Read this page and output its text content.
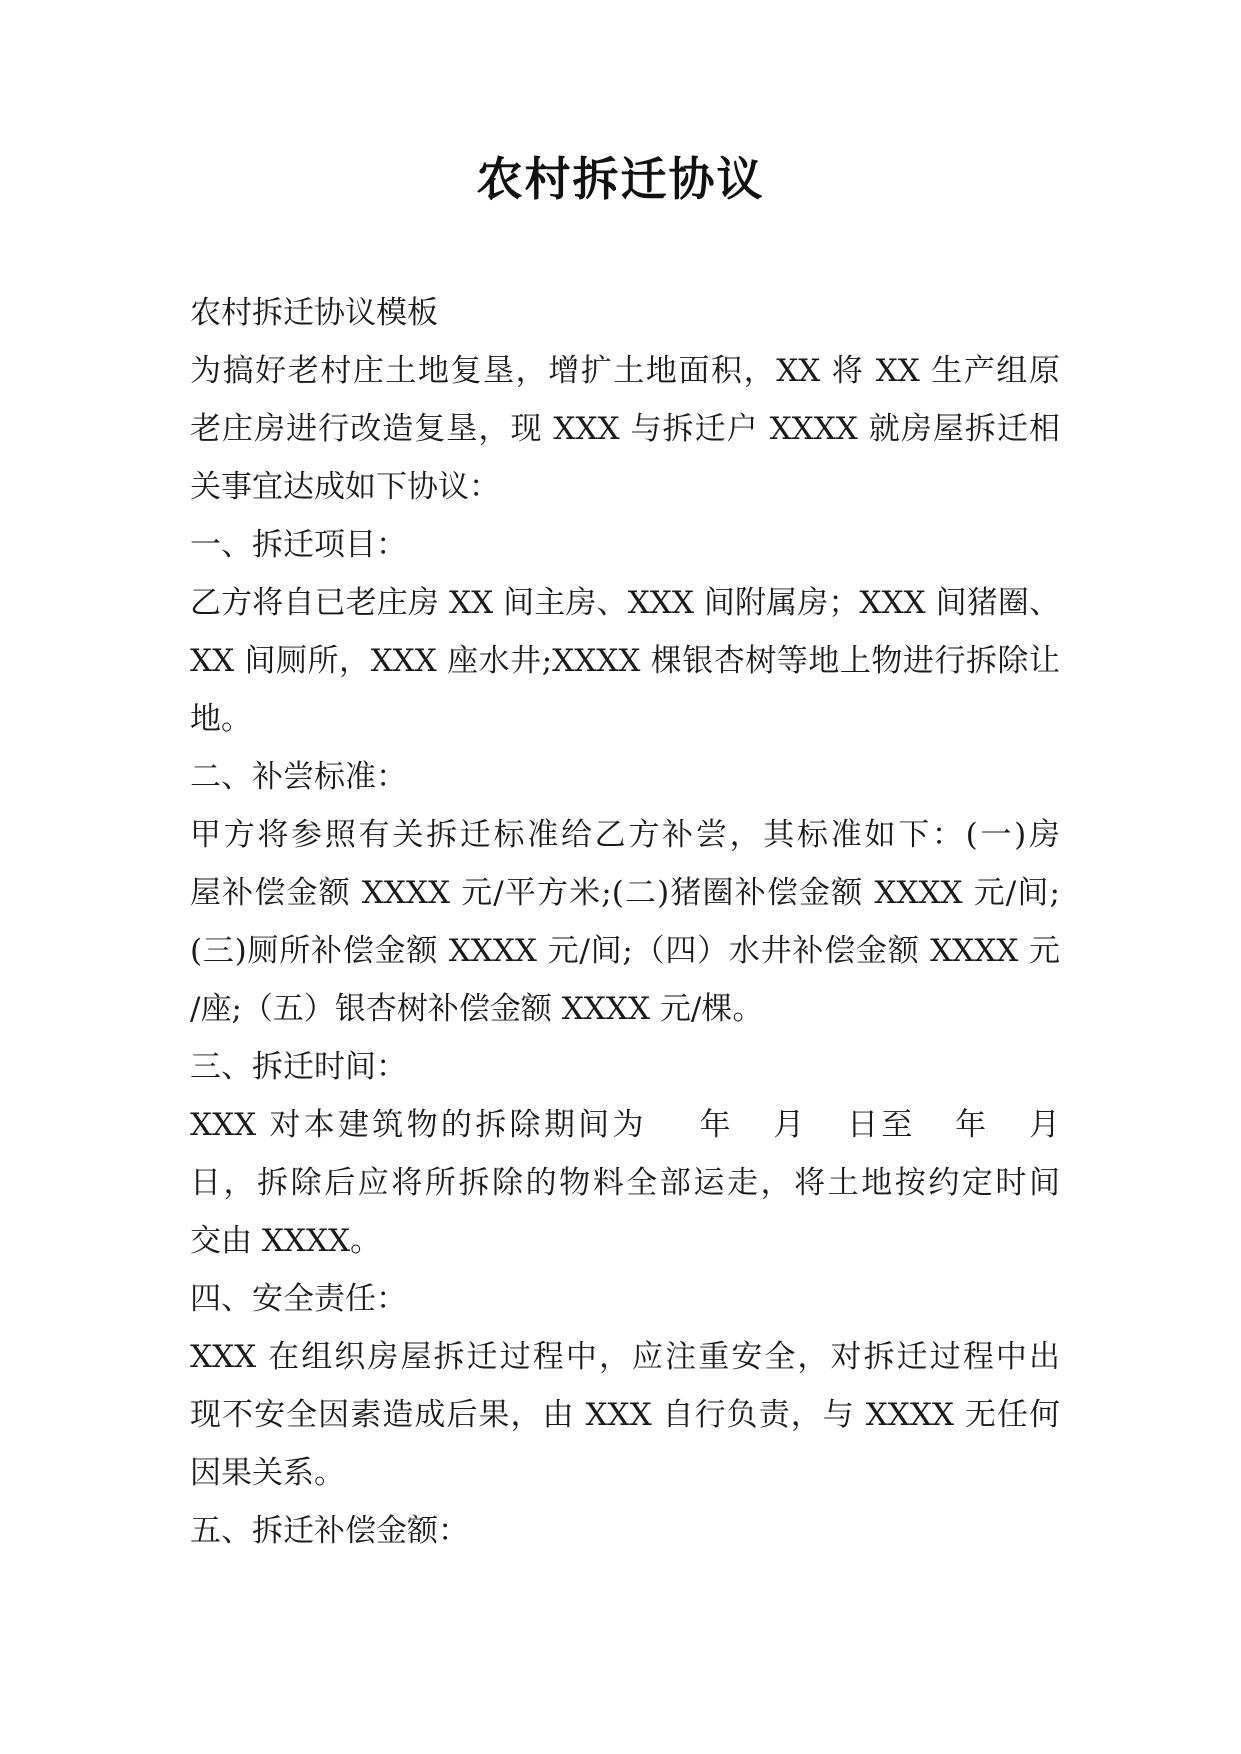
农村拆迁协议
农村拆迁协议模板
为搞好老村庄土地复垦，增扩土地面积，XX 将 XX 生产组原
老庄房进行改造复垦，现 XXX 与拆迁户 XXXX 就房屋拆迁相
关事宜达成如下协议：
一、拆迁项目：
乙方将自已老庄房 XX 间主房、XXX 间附属房；XXX 间猪圈、
XX 间厕所，XXX 座水井;XXXX 棵银杏树等地上物进行拆除让
地。
二、补尝标准：
甲方将参照有关拆迁标准给乙方补尝，其标准如下：(一)房
屋补偿金额 XXXX 元/平方米;(二)猪圈补偿金额 XXXX 元/间;
(三)厕所补偿金额 XXXX 元/间;（四）水井补偿金额 XXXX 元
/座;（五）银杏树补偿金额 XXXX 元/棵。
三、拆迁时间：
XXX 对本建筑物的拆除期间为    年   月   日至   年   月
日，拆除后应将所拆除的物料全部运走，将土地按约定时间
交由 XXXX。
四、安全责任：
XXX 在组织房屋拆迁过程中，应注重安全，对拆迁过程中出
现不安全因素造成后果，由 XXX 自行负责，与 XXXX 无任何
因果关系。
五、拆迁补偿金额：
